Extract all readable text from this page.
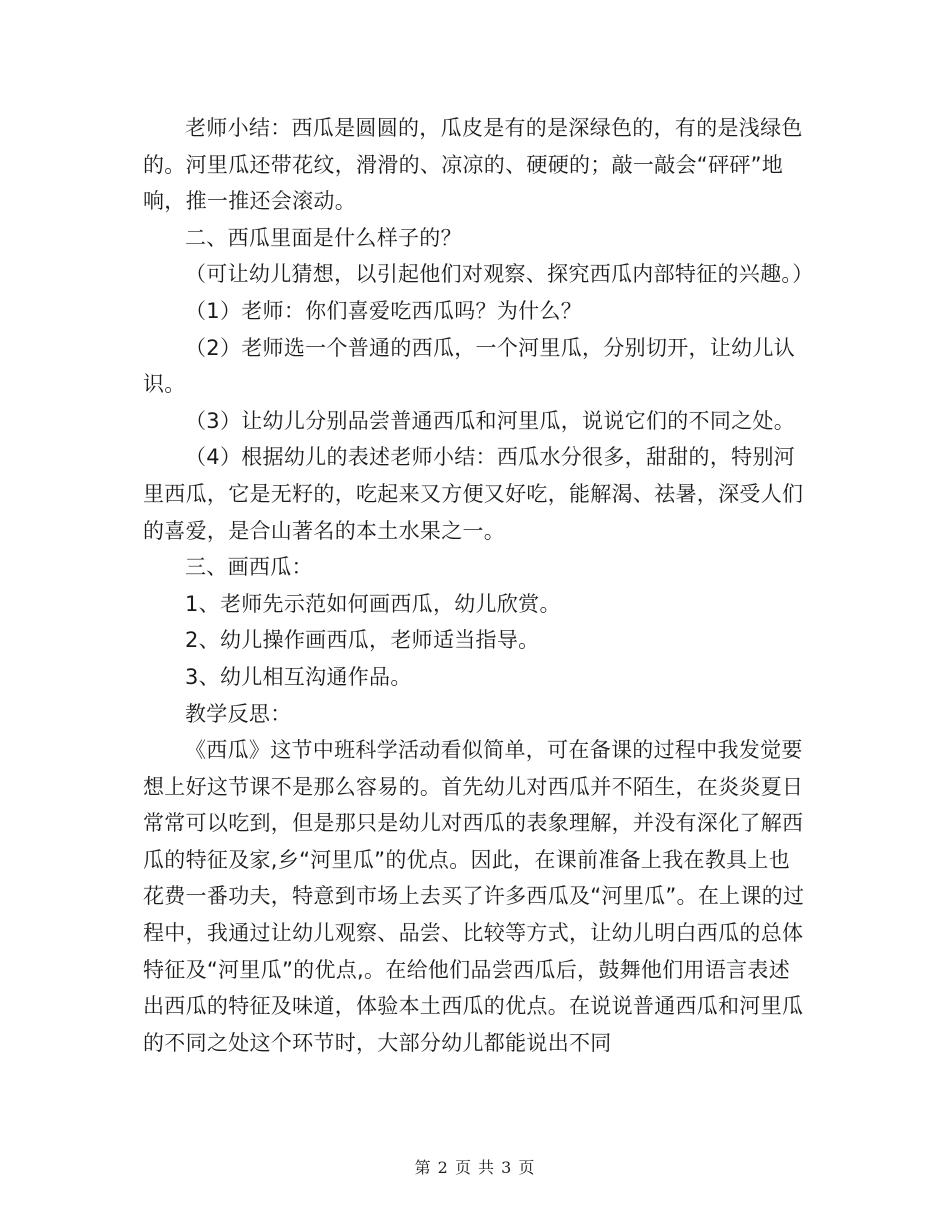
老师小结：西瓜是圆圆的，瓜皮是有的是深绿色的，有的是浅绿色的。河里瓜还带花纹，滑滑的、凉凉的、硬硬的；敲一敲会“砰砰”地响，推一推还会滚动。

二、西瓜里面是什么样子的？

（可让幼儿猜想，以引起他们对观察、探究西瓜内部特征的兴趣。）

（1）老师：你们喜爱吃西瓜吗？为什么？

（2）老师选一个普通的西瓜，一个河里瓜，分别切开，让幼儿认识。

（3）让幼儿分别品尝普通西瓜和河里瓜，说说它们的不同之处。

（4）根据幼儿的表述老师小结：西瓜水分很多，甜甜的，特别河里西瓜，它是无籽的，吃起来又方便又好吃，能解渴、祛暑，深受人们的喜爱，是合山著名的本土水果之一。

三、画西瓜：

1、老师先示范如何画西瓜，幼儿欣赏。

2、幼儿操作画西瓜，老师适当指导。

3、幼儿相互沟通作品。

教学反思：

《西瓜》这节中班科学活动看似简单，可在备课的过程中我发觉要想上好这节课不是那么容易的。首先幼儿对西瓜并不陌生，在炎炎夏日常常可以吃到，但是那只是幼儿对西瓜的表象理解，并没有深化了解西瓜的特征及家,乡“河里瓜”的优点。因此，在课前准备上我在教具上也花费一番功夫，特意到市场上去买了许多西瓜及“河里瓜”。在上课的过程中，我通过让幼儿观察、品尝、比较等方式，让幼儿明白西瓜的总体特征及“河里瓜”的优点,。在给他们品尝西瓜后，鼓舞他们用语言表述出西瓜的特征及味道，体验本土西瓜的优点。在说说普通西瓜和河里瓜的不同之处这个环节时，大部分幼儿都能说出不同

第 2 页 共 3 页
